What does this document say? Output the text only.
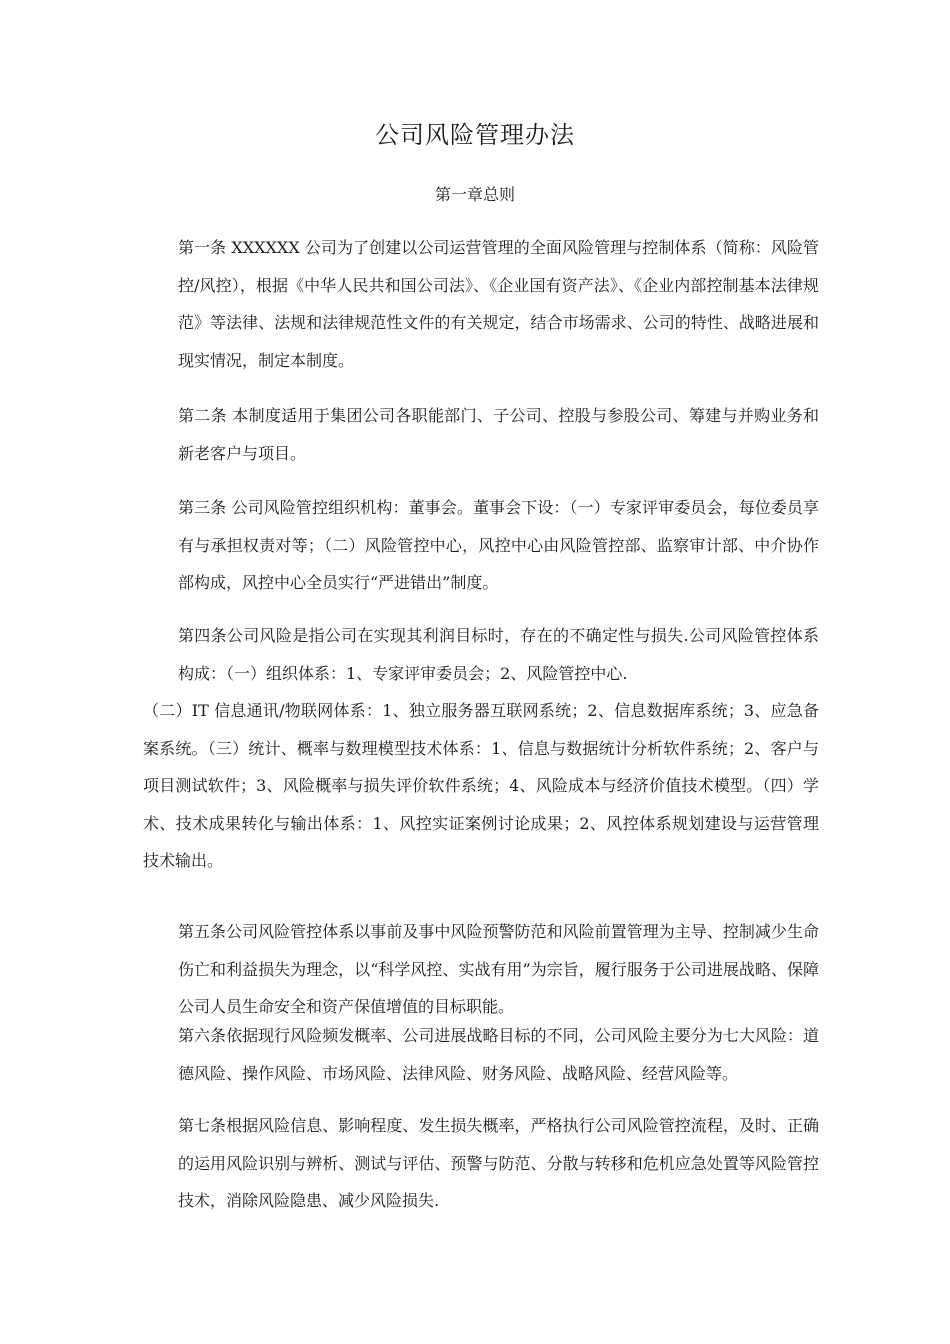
公司风险管理办法
第一章总则
第一条 XXXXXX 公司为了创建以公司运营管理的全面风险管理与控制体系（简称：风险管控/风控），根据《中华人民共和国公司法》、《企业国有资产法》、《企业内部控制基本法律规范》等法律、法规和法律规范性文件的有关规定，结合市场需求、公司的特性、战略进展和现实情况，制定本制度。
第二条 本制度适用于集团公司各职能部门、子公司、控股与参股公司、筹建与并购业务和新老客户与项目。
第三条 公司风险管控组织机构：董事会。董事会下设：（一）专家评审委员会，每位委员享有与承担权责对等；（二）风险管控中心，风控中心由风险管控部、监察审计部、中介协作部构成，风控中心全员实行“严进错出”制度。
第四条公司风险是指公司在实现其利润目标时，存在的不确定性与损失.公司风险管控体系构成：（一）组织体系：1、专家评审委员会；2、风险管控中心.
（二）IT 信息通讯/物联网体系：1、独立服务器互联网系统；2、信息数据库系统；3、应急备案系统。（三）统计、概率与数理模型技术体系：1、信息与数据统计分析软件系统；2、客户与项目测试软件；3、风险概率与损失评价软件系统；4、风险成本与经济价值技术模型。（四）学术、技术成果转化与输出体系：1、风控实证案例讨论成果；2、风控体系规划建设与运营管理技术输出。
第五条公司风险管控体系以事前及事中风险预警防范和风险前置管理为主导、控制减少生命伤亡和利益损失为理念，以“科学风控、实战有用”为宗旨，履行服务于公司进展战略、保障公司人员生命安全和资产保值增值的目标职能。
第六条依据现行风险频发概率、公司进展战略目标的不同，公司风险主要分为七大风险：道德风险、操作风险、市场风险、法律风险、财务风险、战略风险、经营风险等。
第七条根据风险信息、影响程度、发生损失概率，严格执行公司风险管控流程，及时、正确的运用风险识别与辨析、测试与评估、预警与防范、分散与转移和危机应急处置等风险管控技术，消除风险隐患、减少风险损失.
